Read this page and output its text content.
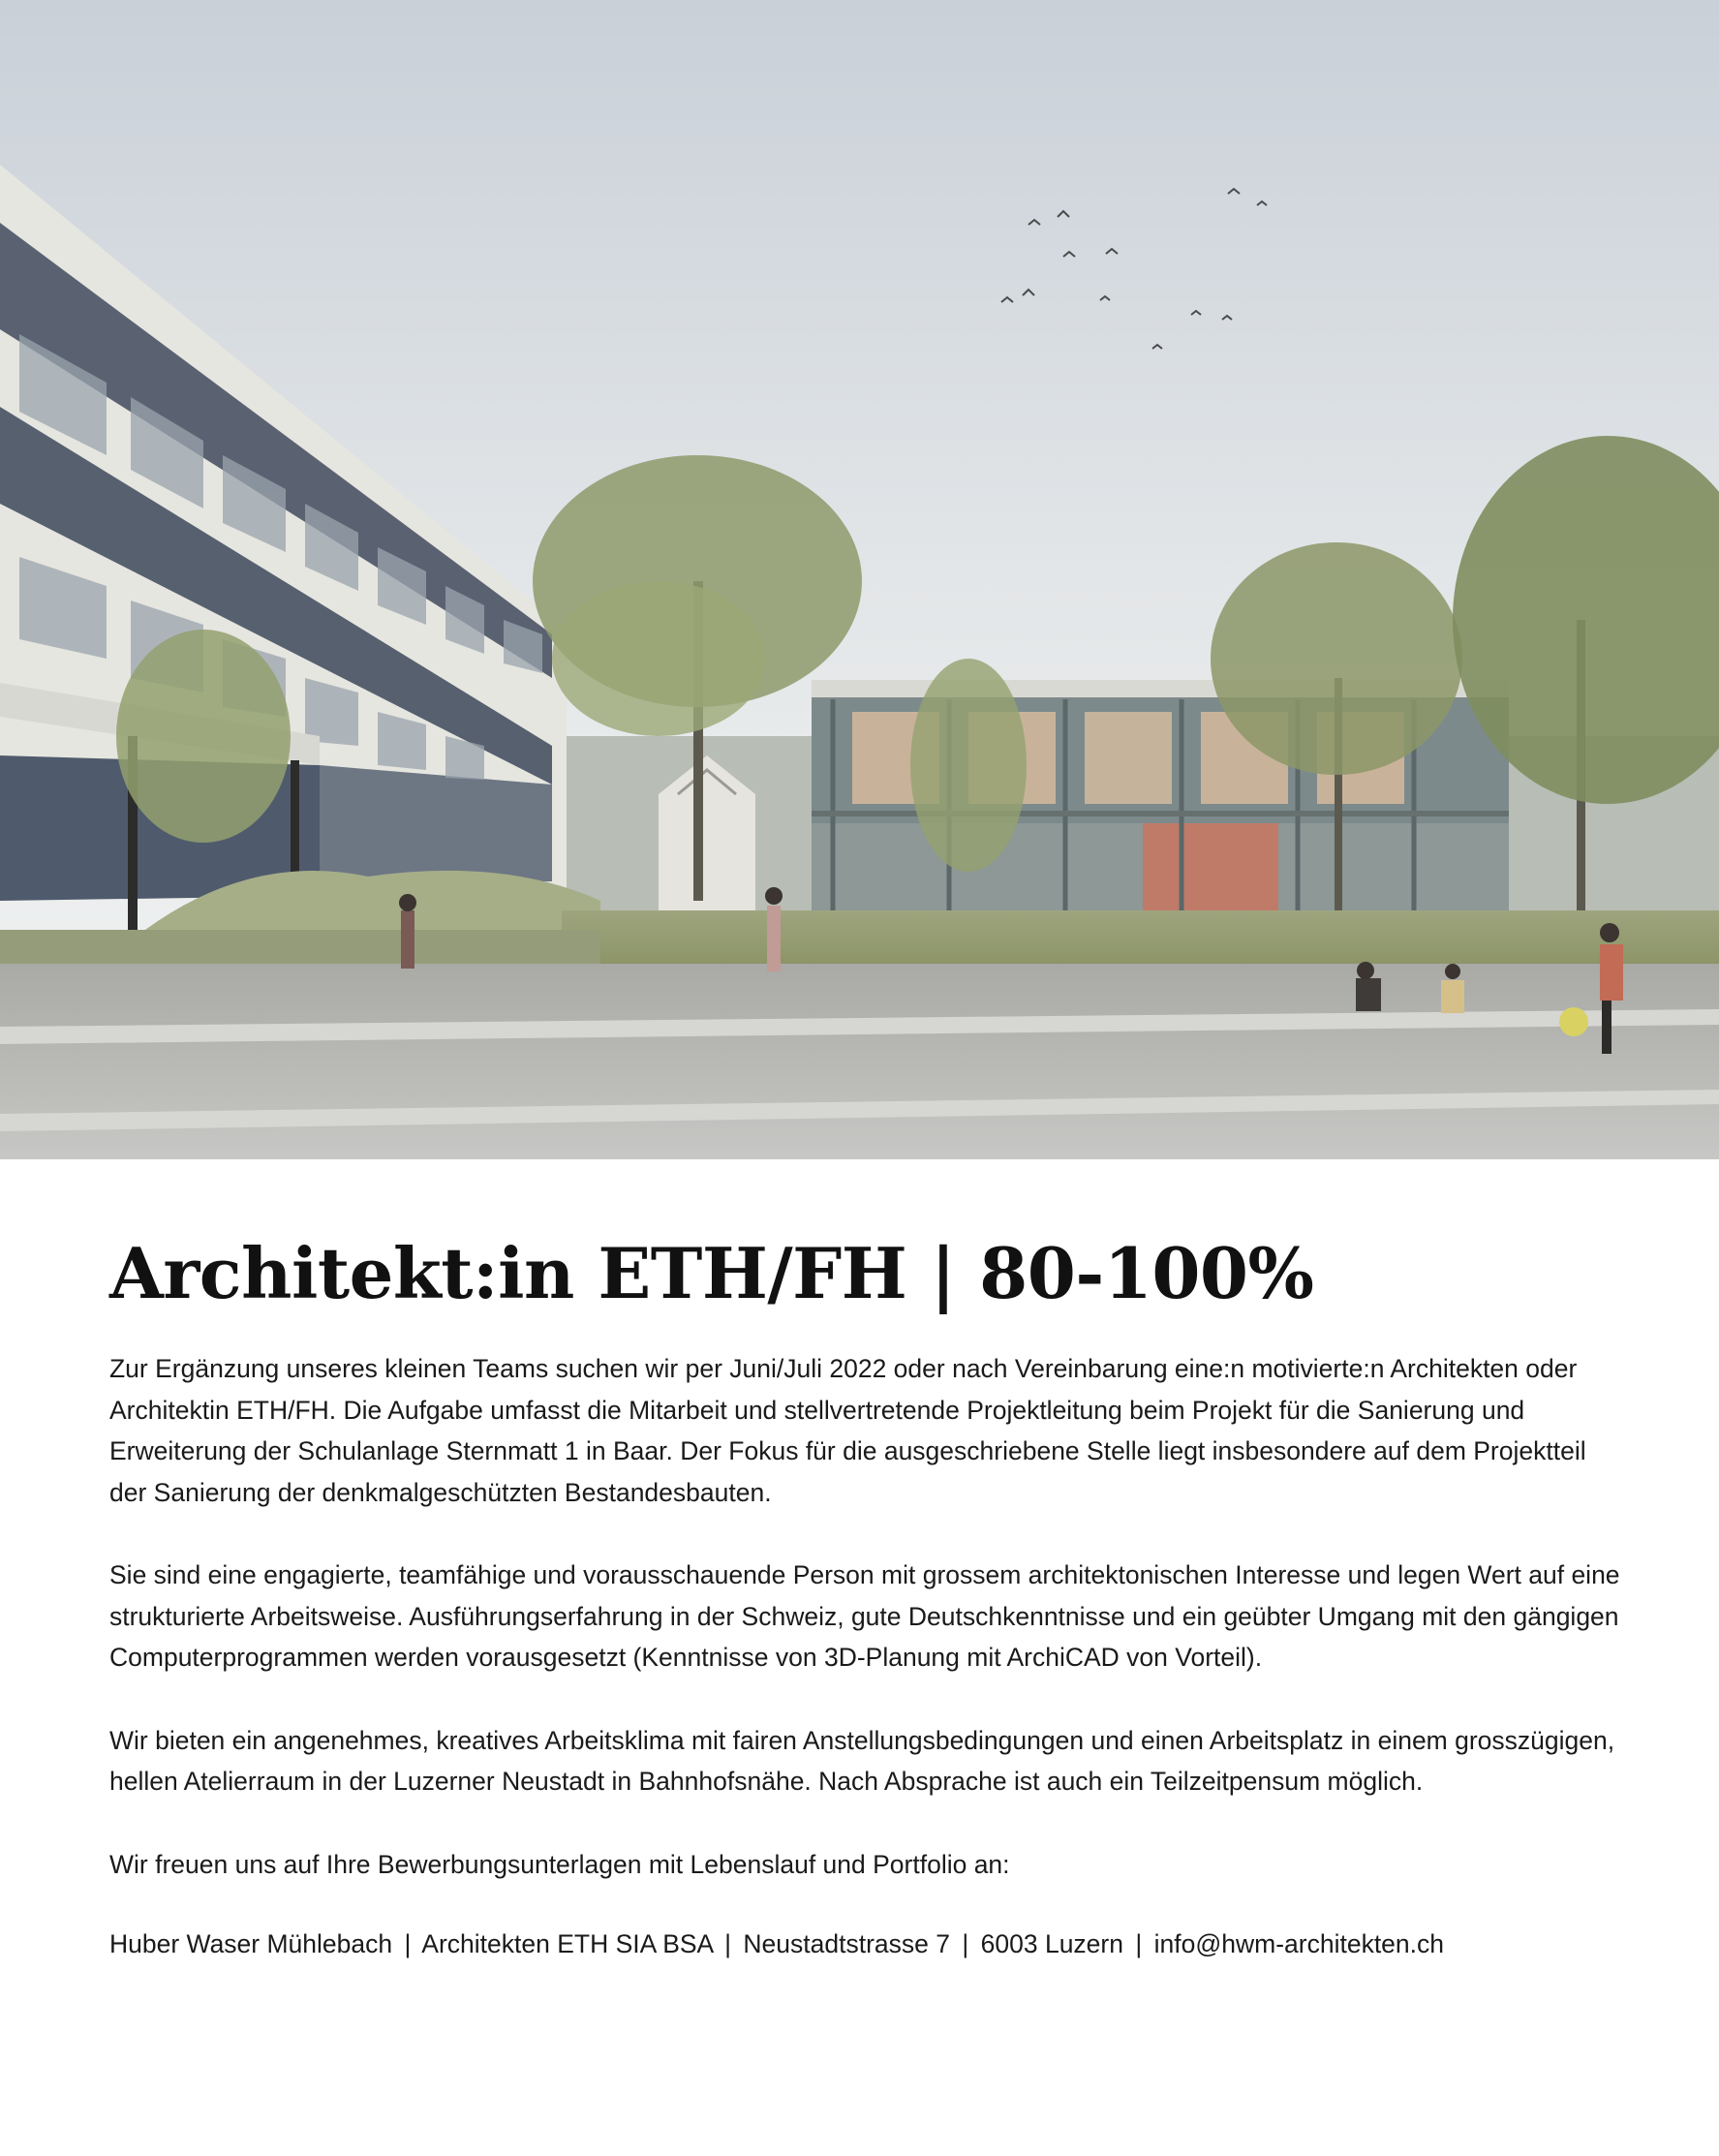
Architekt:in ETH/FH | 80-100%

Zur Ergänzung unseres kleinen Teams suchen wir per Juni/Juli 2022 oder nach Vereinbarung eine:n motivierte:n Architekten oder Architektin ETH/FH. Die Aufgabe umfasst die Mitarbeit und stellvertretende Projektleitung beim Projekt für die Sanierung und Erweiterung der Schulanlage Sternmatt 1 in Baar. Der Fokus für die ausgeschriebene Stelle liegt insbesondere auf dem Projektteil der Sanierung der denkmalgeschützten Bestandesbauten.

Sie sind eine engagierte, teamfähige und vorausschauende Person mit grossem architektonischen Interesse und legen Wert auf eine strukturierte Arbeitsweise. Ausführungserfahrung in der Schweiz, gute Deutschkenntnisse und ein geübter Umgang mit den gängigen Computerprogrammen werden vorausgesetzt (Kenntnisse von 3D-Planung mit ArchiCAD von Vorteil).

Wir bieten ein angenehmes, kreatives Arbeitsklima mit fairen Anstellungsbedingungen und einen Arbeitsplatz in einem grosszügigen, hellen Atelierraum in der Luzerner Neustadt in Bahnhofsnähe. Nach Absprache ist auch ein Teilzeitpensum möglich.

Wir freuen uns auf Ihre Bewerbungsunterlagen mit Lebenslauf und Portfolio an:

Huber Waser Mühlebach | Architekten ETH SIA BSA | Neustadtstrasse 7 | 6003 Luzern | info@hwm-architekten.ch
